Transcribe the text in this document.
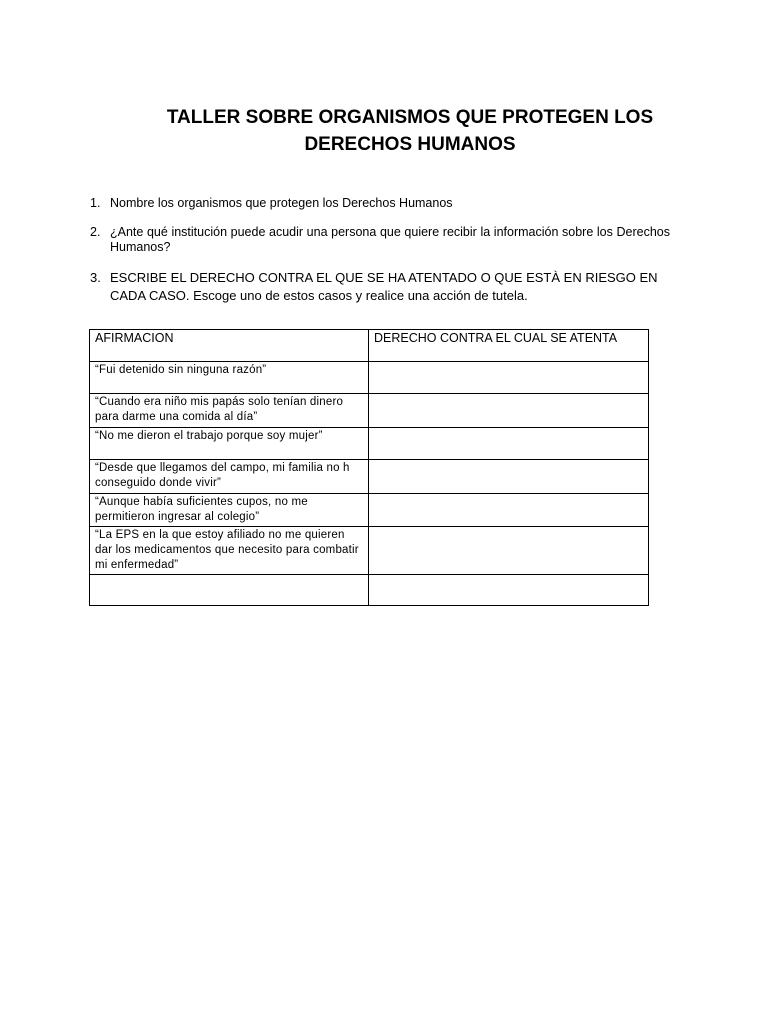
TALLER SOBRE ORGANISMOS QUE PROTEGEN LOS
DERECHOS HUMANOS
1. Nombre los organismos que protegen los Derechos Humanos
2. ¿Ante qué institución puede acudir una persona que quiere recibir la información sobre los Derechos Humanos?
3. ESCRIBE EL DERECHO CONTRA EL QUE SE HA ATENTADO O QUE ESTÀ EN RIESGO EN CADA CASO. Escoge uno de estos casos y realice una acción de tutela.
AFIRMACION	DERECHO CONTRA EL CUAL SE ATENTA
“Fui detenido sin ninguna razón”	
“Cuando era niño mis papás solo tenían dinero para darme una comida al día”	
“No me dieron el trabajo porque soy mujer”	
“Desde que llegamos del campo, mi familia no h
conseguido donde vivir”	
“Aunque había suficientes cupos, no me permitieron ingresar al colegio”	
“La EPS en la que estoy afiliado no me quieren dar los medicamentos que necesito para combatir mi enfermedad”	
